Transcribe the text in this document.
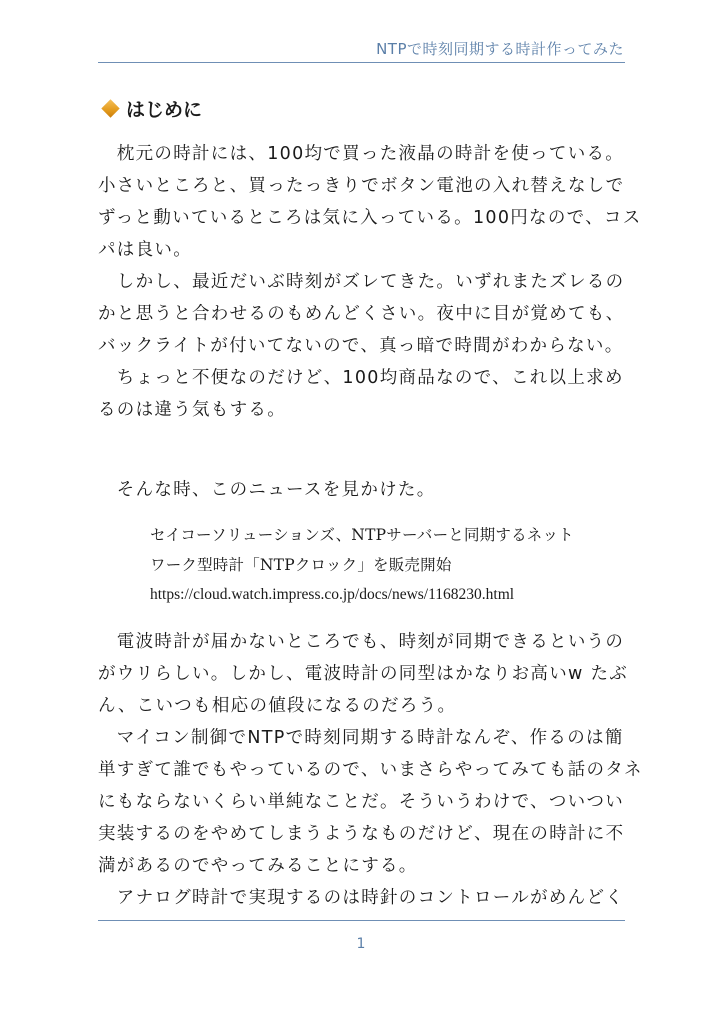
NTPで時刻同期する時計作ってみた
はじめに

　枕元の時計には、100均で買った液晶の時計を使っている。

小さいところと、買ったっきりでボタン電池の入れ替えなしで

ずっと動いているところは気に入っている。100円なので、コス

パは良い。

　しかし、最近だいぶ時刻がズレてきた。いずれまたズレるの

かと思うと合わせるのもめんどくさい。夜中に目が覚めても、

バックライトが付いてないので、真っ暗で時間がわからない。

　ちょっと不便なのだけど、100均商品なので、これ以上求め

るのは違う気もする。

　そんな時、このニュースを見かけた。

セイコーソリューションズ、NTPサーバーと同期するネット

ワーク型時計「NTPクロック」を販売開始

https://cloud.watch.impress.co.jp/docs/news/1168230.html

　電波時計が届かないところでも、時刻が同期できるというの

がウリらしい。しかし、電波時計の同型はかなりお高いw たぶ

ん、こいつも相応の値段になるのだろう。

　マイコン制御でNTPで時刻同期する時計なんぞ、作るのは簡

単すぎて誰でもやっているので、いまさらやってみても話のタネ

にもならないくらい単純なことだ。そういうわけで、ついつい

実装するのをやめてしまうようなものだけど、現在の時計に不

満があるのでやってみることにする。

　アナログ時計で実現するのは時針のコントロールがめんどく

1
